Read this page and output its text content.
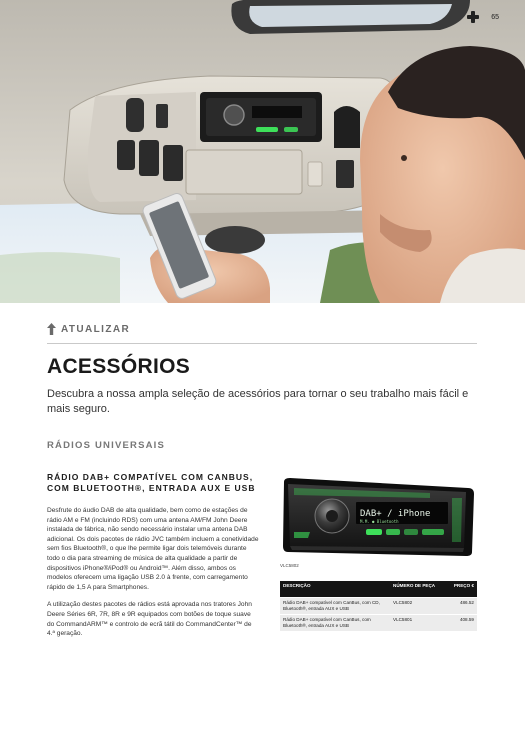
65
ATUALIZAR
ACESSÓRIOS

Descubra a nossa ampla seleção de acessórios para tornar o seu trabalho mais fácil e mais seguro.

RÁDIOS UNIVERSAIS
RÁDIO DAB+ COMPATÍVEL COM CANBUS, COM BLUETOOTH®, ENTRADA AUX E USB

Desfrute do áudio DAB de alta qualidade, bem como de estações de rádio AM e FM (incluindo RDS) com uma antena AM/FM John Deere instalada de fábrica, não sendo necessário instalar uma antena DAB adicional. Os dois pacotes de rádio JVC também incluem a conetividade sem fios Bluetooth®, o que lhe permite ligar dois telemóveis durante todo o dia para streaming de música de alta qualidade a partir de dispositivos iPhone®/iPod® ou Android™. Além disso, ambos os modelos oferecem uma ligação USB 2.0 à frente, com carregamento rápido de 1,5 A para Smartphones.

A utilização destes pacotes de rádios está aprovada nos tratores John Deere Séries 6R, 7R, 8R e 9R equipados com botões de toque suave do CommandARM™ e controlo de ecrã tátil do CommandCenter™ de 4.ª geração.

DAB+ / iPhone
M.M. ● Bluetooth
VLC5802
DESCRIÇÃO	NÚMERO DE PEÇA	PREÇO €
Rádio DAB+ compatível com CanBus, com CD, Bluetooth®, entrada AUX e USB	VLC5802	486.52
Rádio DAB+ compatível com CanBus, com Bluetooth®, entrada AUX e USB	VLC5801	408.59
